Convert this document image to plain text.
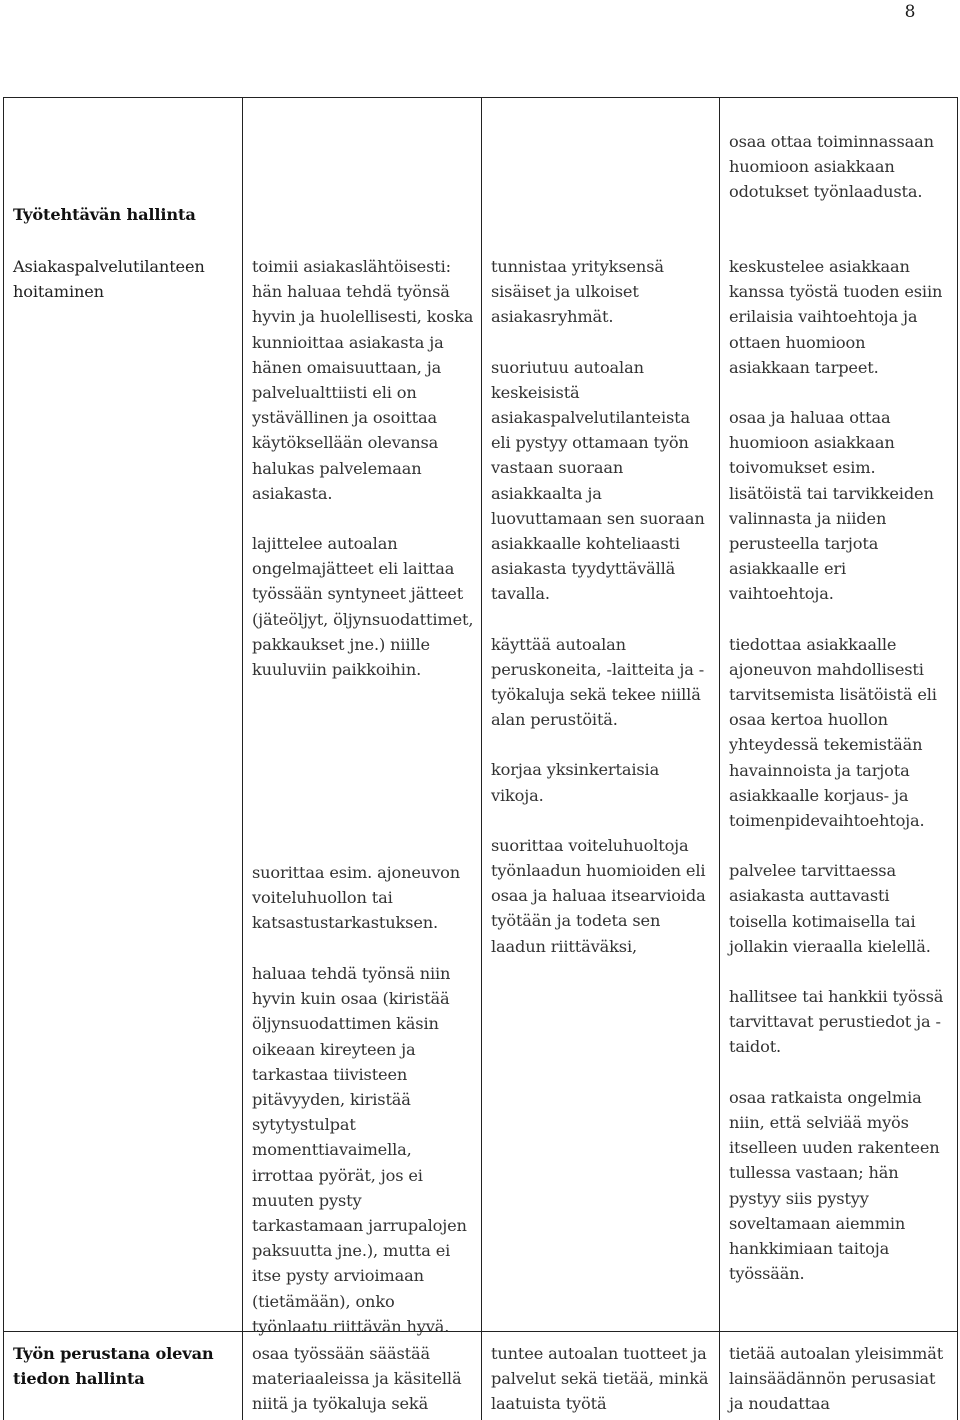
8
Työtehtävän hallinta
osaa ottaa toiminnassaan huomioon asiakkaan odotukset työnlaadusta.
Asiakaspalvelutilanteen hoitaminen

toimii asiakaslähtöisesti: hän haluaa tehdä työnsä hyvin ja huolellisesti, koska kunnioittaa asiakasta ja hänen omaisuuttaan, ja palvelualttiisti eli on ystävällinen ja osoittaa käytöksellään olevansa halukas palvelemaan asiakasta.

lajittelee autoalan ongelmajätteet eli laittaa työssään syntyneet jätteet (jäteöljyt, öljynsuodattimet, pakkaukset jne.) niille kuuluviin paikkoihin.

suorittaa esim. ajoneuvon voiteluhuollon tai katsastustarkastuksen.

haluaa tehdä työnsä niin hyvin kuin osaa (kiristää öljynsuodattimen käsin oikeaan kireyteen ja tarkastaa tiivisteen pitävyyden, kiristää sytytystulpat momenttiavaimella, irrottaa pyörät, jos ei muuten pysty tarkastamaan jarrupalojen paksuutta jne.), mutta ei itse pysty arvioimaan (tietämään), onko työnlaatu riittävän hyvä.

tunnistaa yrityksensä sisäiset ja ulkoiset asiakasryhmät.

suoriutuu autoalan keskeisistä asiakaspalvelutilanteista eli pystyy ottamaan työn vastaan suoraan asiakkaalta ja luovuttamaan sen suoraan asiakkaalle kohteliaasti asiakasta tyydyttävällä tavalla.

käyttää autoalan peruskoneita, -laitteita ja -työkaluja sekä tekee niillä alan perustöitä.

korjaa yksinkertaisia vikoja.

suorittaa voiteluhuoltoja työnlaadun huomioiden eli osaa ja haluaa itsearvioida työtään ja todeta sen laadun riittäväksi,

keskustelee asiakkaan kanssa työstä tuoden esiin erilaisia vaihtoehtoja ja ottaen huomioon asiakkaan tarpeet.

osaa ja haluaa ottaa huomioon asiakkaan toivomukset esim. lisätöistä tai tarvikkeiden valinnasta ja niiden perusteella tarjota asiakkaalle eri vaihtoehtoja.

tiedottaa asiakkaalle ajoneuvon mahdollisesti tarvitsemista lisätöistä eli osaa kertoa huollon yhteydessä tekemistään havainnoista ja tarjota asiakkaalle korjaus- ja toimenpidevaihtoehtoja.

palvelee tarvittaessa asiakasta auttavasti toisella kotimaisella tai jollakin vieraalla kielellä.

hallitsee tai hankkii työssä tarvittavat perustiedot ja -taidot.

osaa ratkaista ongelmia niin, että selviää myös itselleen uuden rakenteen tullessa vastaan; hän pystyy siis pystyy soveltamaan aiemmin hankkimiaan taitoja työssään.

Työn perustana olevan tiedon hallinta
osaa työssään säästää materiaaleissa ja käsitellä niitä ja työkaluja sekä
tuntee autoalan tuotteet ja palvelut sekä tietää, minkä laatuista työtä
tietää autoalan yleisimmät lainsäädännön perusasiat ja noudattaa
